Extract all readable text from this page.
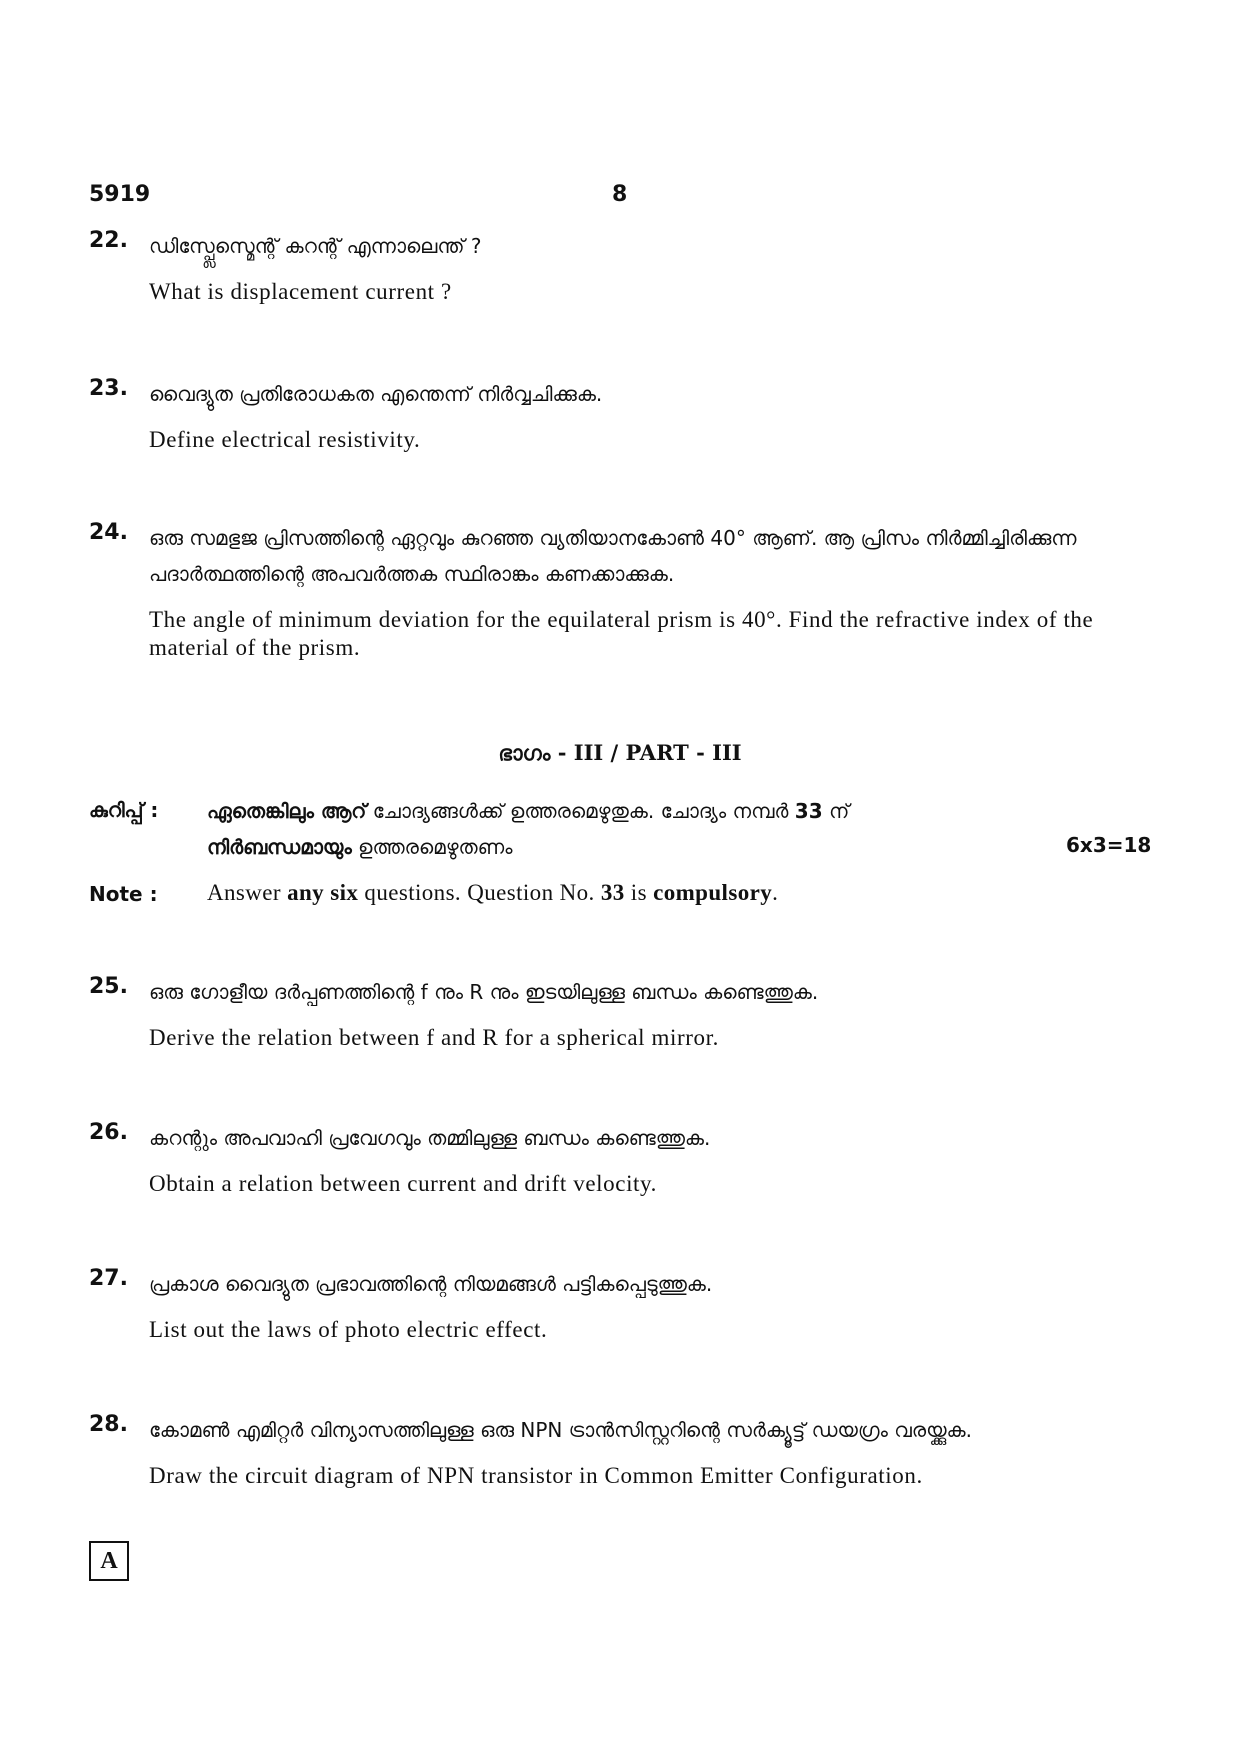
5919	8
22. ഡിസ്പ്ലേസ്മെന്റ് കറന്റ് എന്നാലെന്ത് ?
What is displacement current ?
23. വൈദ്യുത പ്രതിരോധകത എന്തെന്ന് നിർവ്വചിക്കുക.
Define electrical resistivity.
24. ഒരു സമഭുജ പ്രിസത്തിന്റെ ഏറ്റവും കുറഞ്ഞ വ്യതിയാനകോൺ 40° ആണ്. ആ പ്രിസം നിർമ്മിച്ചിരിക്കുന്ന പദാർത്ഥത്തിന്റെ അപവർത്തക സ്ഥിരാങ്കം കണക്കാക്കുക.
The angle of minimum deviation for the equilateral prism is 40°. Find the refractive index of the material of the prism.
ഭാഗം - III / PART - III
കുറിപ്പ് : ഏതെങ്കിലും ആറ് ചോദ്യങ്ങൾക്ക് ഉത്തരമെഴുതുക. ചോദ്യം നമ്പർ 33 ന്
നിർബന്ധമായും ഉത്തരമെഴുതണം	6x3=18
Note : Answer any six questions. Question No. 33 is compulsory.
25. ഒരു ഗോളീയ ദർപ്പണത്തിന്റെ f നും R നും ഇടയിലുള്ള ബന്ധം കണ്ടെത്തുക.
Derive the relation between f and R for a spherical mirror.
26. കറന്റും അപവാഹി പ്രവേഗവും തമ്മിലുള്ള ബന്ധം കണ്ടെത്തുക.
Obtain a relation between current and drift velocity.
27. പ്രകാശ വൈദ്യുത പ്രഭാവത്തിന്റെ നിയമങ്ങൾ പട്ടികപ്പെടുത്തുക.
List out the laws of photo electric effect.
28. കോമൺ എമിറ്റർ വിന്യാസത്തിലുള്ള ഒരു NPN ട്രാൻസിസ്റ്ററിന്റെ സർക്യൂട്ട് ഡയഗ്രം വരയ്ക്കുക.
Draw the circuit diagram of NPN transistor in Common Emitter Configuration.
A
